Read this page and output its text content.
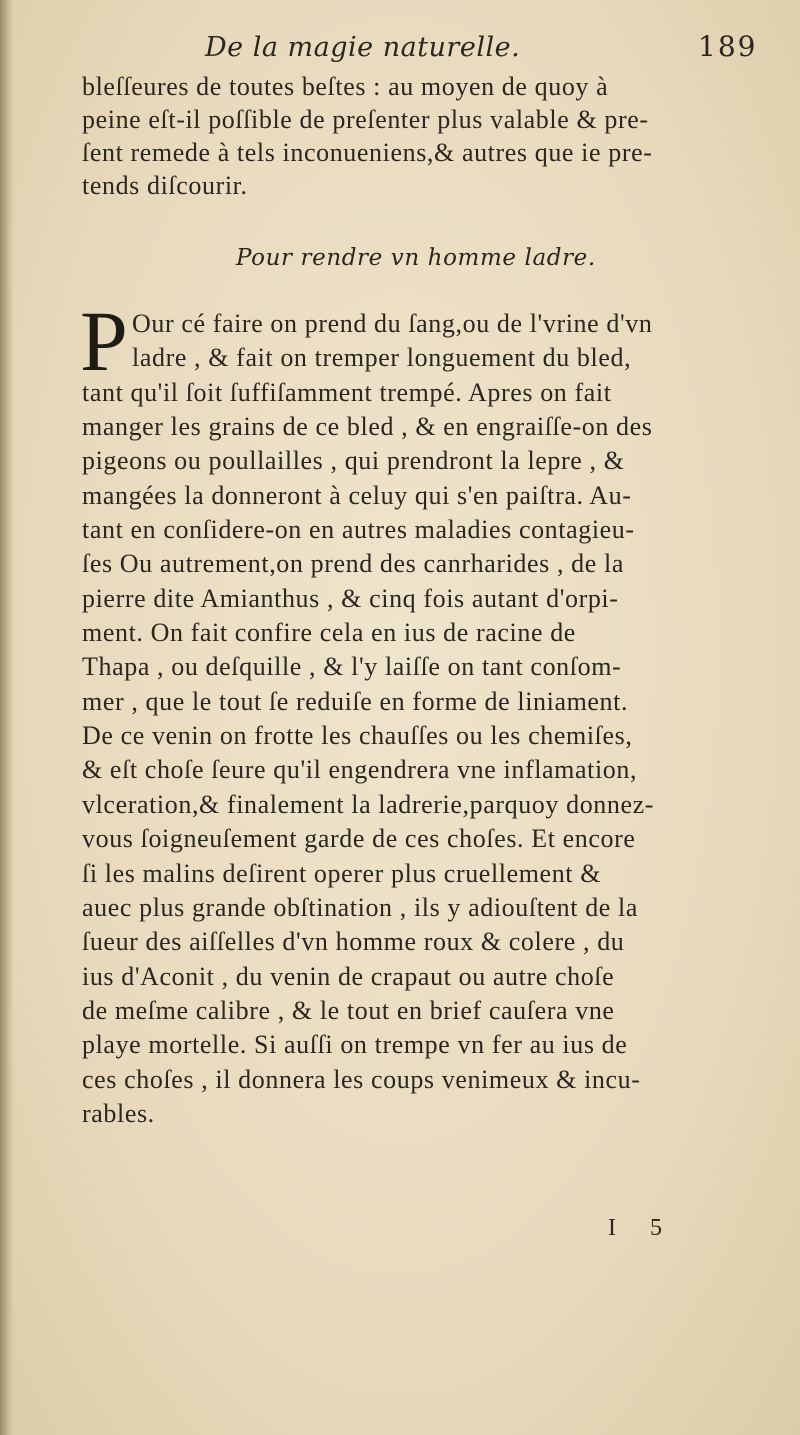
De la magie naturelle.	189
bleſſeures de toutes beſtes : au moyen de quoy à
peine eſt-il poſſible de preſenter plus valable & pre-
ſent remede à tels inconueniens,& autres que ie pre-
tends diſcourir.
Pour rendre vn homme ladre.
P Our cé faire on prend du ſang,ou de l'vrine d'vn
ladre , & fait on tremper longuement du bled,
tant qu'il ſoit ſuffiſamment trempé. Apres on fait
manger les grains de ce bled , & en engraiſſe-on des
pigeons ou poullailles , qui prendront la lepre , &
mangées la donneront à celuy qui s'en paiſtra. Au-
tant en conſidere-on en autres maladies contagieu-
ſes Ou autrement,on prend des canrharides , de la
pierre dite Amianthus , & cinq fois autant d'orpi-
ment. On fait confire cela en ius de racine de
Thapa , ou deſquille , & l'y laiſſe on tant conſom-
mer , que le tout ſe reduiſe en forme de liniament.
De ce venin on frotte les chauſſes ou les chemiſes,
& eſt choſe ſeure qu'il engendrera vne inflamation,
vlceration,& finalement la ladrerie,parquoy donnez-
vous ſoigneuſement garde de ces choſes. Et encore
ſi les malins deſirent operer plus cruellement &
auec plus grande obſtination , ils y adiouſtent de la
ſueur des aiſſelles d'vn homme roux & colere , du
ius d'Aconit , du venin de crapaut ou autre choſe
de meſme calibre , & le tout en brief cauſera vne
playe mortelle. Si auſſi on trempe vn fer au ius de
ces choſes , il donnera les coups venimeux & incu-
rables.
I 5
